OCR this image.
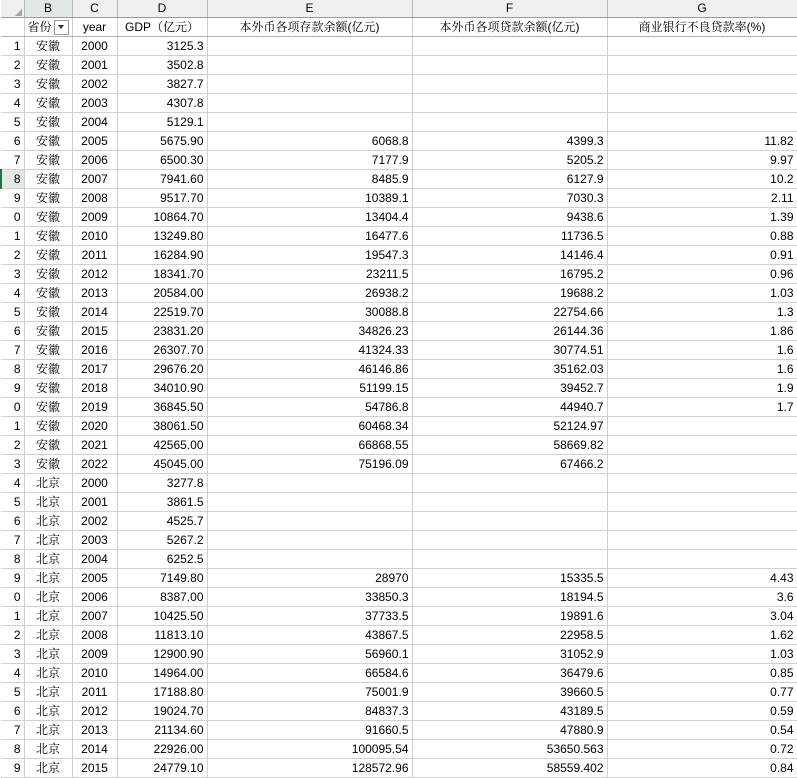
	B	C	D	E	F	G

	省份	year	GDP（亿元）	本外币各项存款余额(亿元)	本外币各项贷款余额(亿元)	商业银行不良贷款率(%)
1	安徽	2000	3125.3			
2	安徽	2001	3502.8			
3	安徽	2002	3827.7			
4	安徽	2003	4307.8			
5	安徽	2004	5129.1			
6	安徽	2005	5675.90	6068.8	4399.3	11.82
7	安徽	2006	6500.30	7177.9	5205.2	9.97
8	安徽	2007	7941.60	8485.9	6127.9	10.2
9	安徽	2008	9517.70	10389.1	7030.3	2.11
0	安徽	2009	10864.70	13404.4	9438.6	1.39
1	安徽	2010	13249.80	16477.6	11736.5	0.88
2	安徽	2011	16284.90	19547.3	14146.4	0.91
3	安徽	2012	18341.70	23211.5	16795.2	0.96
4	安徽	2013	20584.00	26938.2	19688.2	1.03
5	安徽	2014	22519.70	30088.8	22754.66	1.3
6	安徽	2015	23831.20	34826.23	26144.36	1.86
7	安徽	2016	26307.70	41324.33	30774.51	1.6
8	安徽	2017	29676.20	46146.86	35162.03	1.6
9	安徽	2018	34010.90	51199.15	39452.7	1.9
0	安徽	2019	36845.50	54786.8	44940.7	1.7
1	安徽	2020	38061.50	60468.34	52124.97	
2	安徽	2021	42565.00	66868.55	58669.82	
3	安徽	2022	45045.00	75196.09	67466.2	
4	北京	2000	3277.8			
5	北京	2001	3861.5			
6	北京	2002	4525.7			
7	北京	2003	5267.2			
8	北京	2004	6252.5			
9	北京	2005	7149.80	28970	15335.5	4.43
0	北京	2006	8387.00	33850.3	18194.5	3.6
1	北京	2007	10425.50	37733.5	19891.6	3.04
2	北京	2008	11813.10	43867.5	22958.5	1.62
3	北京	2009	12900.90	56960.1	31052.9	1.03
4	北京	2010	14964.00	66584.6	36479.6	0.85
5	北京	2011	17188.80	75001.9	39660.5	0.77
6	北京	2012	19024.70	84837.3	43189.5	0.59
7	北京	2013	21134.60	91660.5	47880.9	0.54
8	北京	2014	22926.00	100095.54	53650.563	0.72
9	北京	2015	24779.10	128572.96	58559.402	0.84
